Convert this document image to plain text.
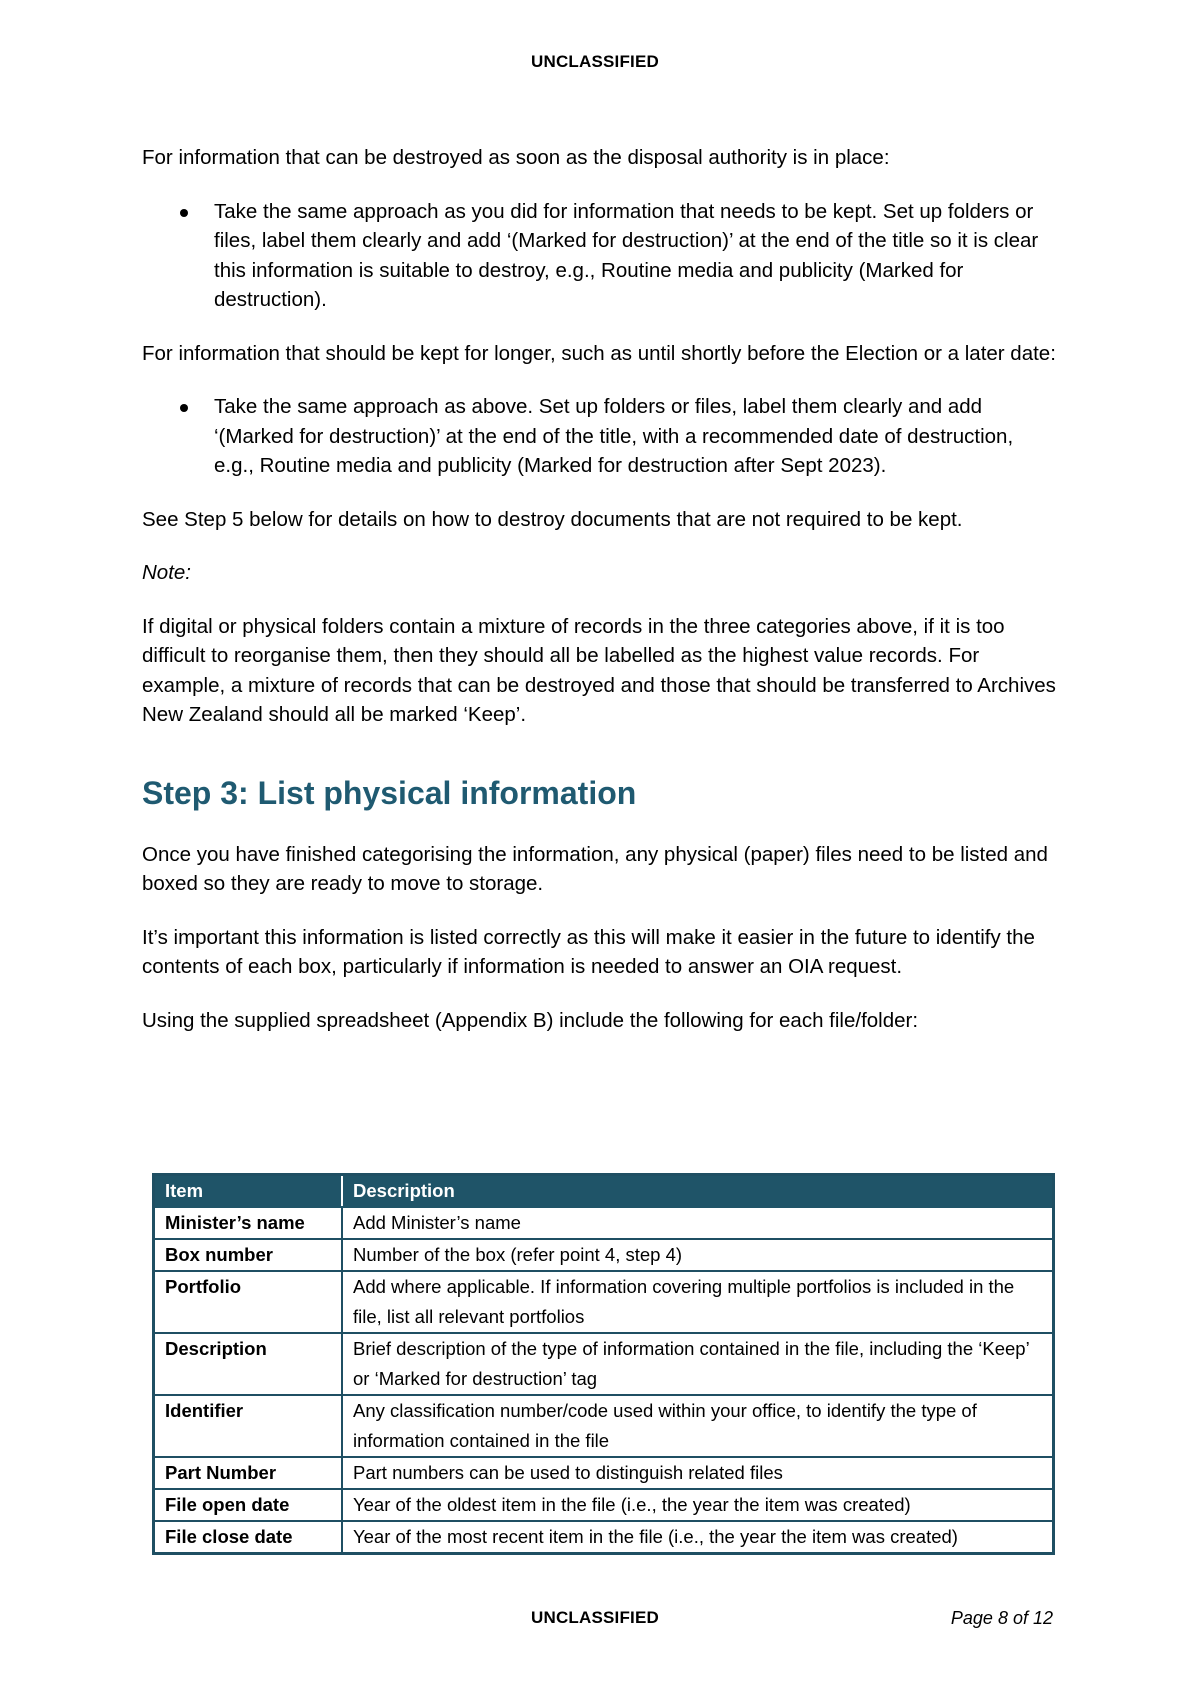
UNCLASSIFIED

For information that can be destroyed as soon as the disposal authority is in place:

Take the same approach as you did for information that needs to be kept. Set up folders or files, label them clearly and add ‘(Marked for destruction)’ at the end of the title so it is clear this information is suitable to destroy, e.g., Routine media and publicity (Marked for destruction).

For information that should be kept for longer, such as until shortly before the Election or a later date:

Take the same approach as above. Set up folders or files, label them clearly and add ‘(Marked for destruction)’ at the end of the title, with a recommended date of destruction, e.g., Routine media and publicity (Marked for destruction after Sept 2023).

See Step 5 below for details on how to destroy documents that are not required to be kept.

Note:

If digital or physical folders contain a mixture of records in the three categories above, if it is too difficult to reorganise them, then they should all be labelled as the highest value records. For example, a mixture of records that can be destroyed and those that should be transferred to Archives New Zealand should all be marked ‘Keep’.

Step 3: List physical information

Once you have finished categorising the information, any physical (paper) files need to be listed and boxed so they are ready to move to storage.

It’s important this information is listed correctly as this will make it easier in the future to identify the contents of each box, particularly if information is needed to answer an OIA request.

Using the supplied spreadsheet (Appendix B) include the following for each file/folder:

Item	Description
Minister’s name	Add Minister’s name
Box number	Number of the box (refer point 4, step 4)
Portfolio	Add where applicable. If information covering multiple portfolios is included in the file, list all relevant portfolios
Description	Brief description of the type of information contained in the file, including the ‘Keep’ or ‘Marked for destruction’ tag
Identifier	Any classification number/code used within your office, to identify the type of information contained in the file
Part Number	Part numbers can be used to distinguish related files
File open date	Year of the oldest item in the file (i.e., the year the item was created)
File close date	Year of the most recent item in the file (i.e., the year the item was created)
UNCLASSIFIED	Page 8 of 12
